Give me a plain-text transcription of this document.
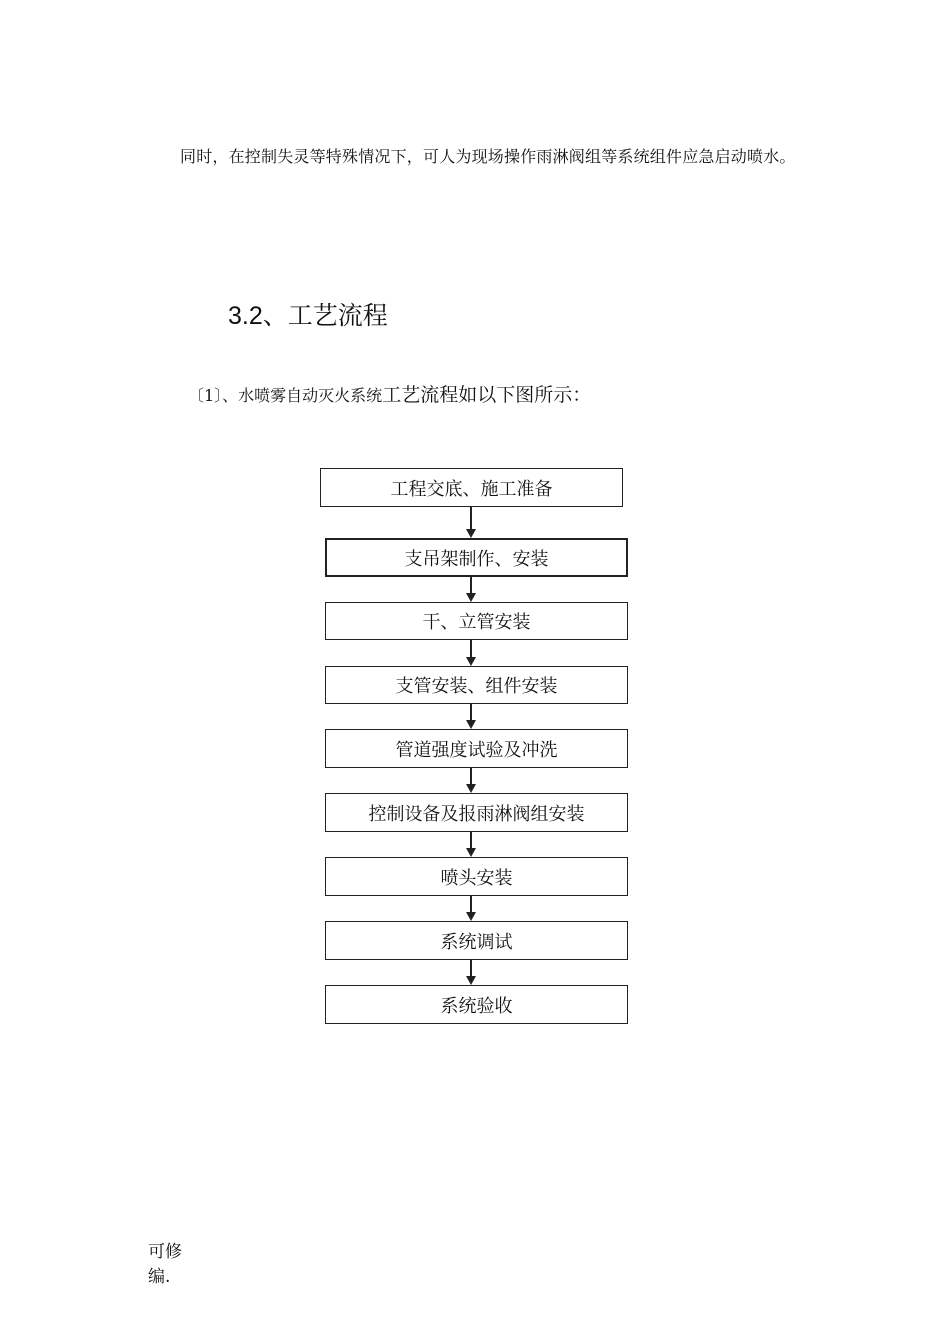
同时，在控制失灵等特殊情况下，可人为现场操作雨淋阀组等系统组件应急启动喷水。
3.2、工艺流程
〔1〕、水喷雾自动灭火系统工艺流程如以下图所示：
工程交底、施工准备
支吊架制作、安装
干、立管安装
支管安装、组件安装
管道强度试验及冲洗
控制设备及报雨淋阀组安装
喷头安装
系统调试
系统验收
可修
编.
